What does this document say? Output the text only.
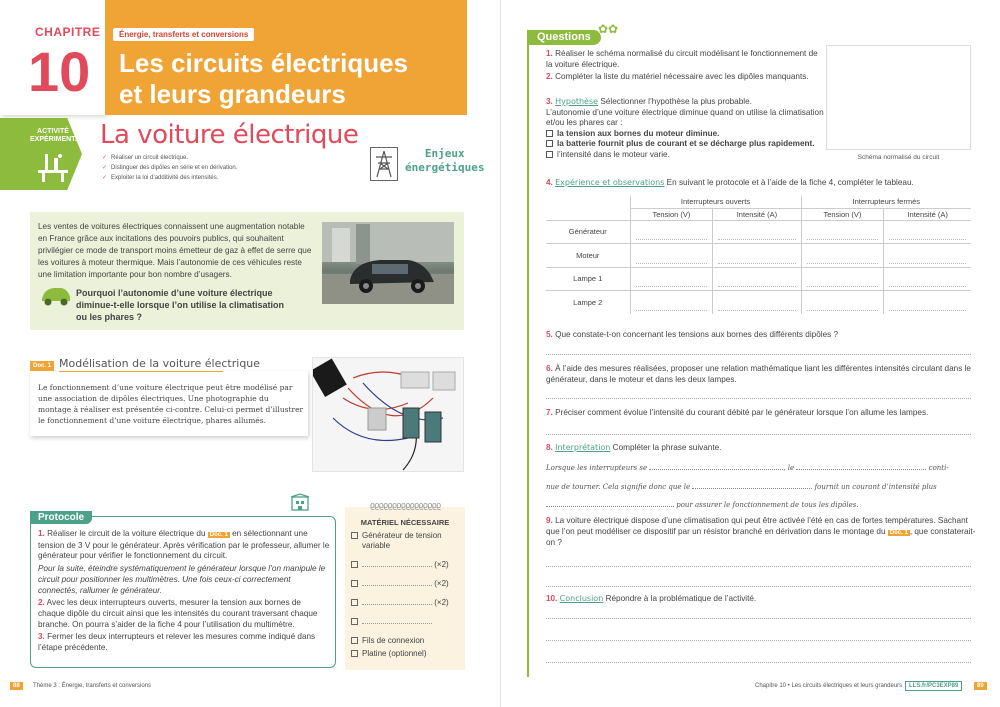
CHAPITRE
10
Énergie, transferts et conversions
Les circuits électriques
et leurs grandeurs
ACTIVITÉ
EXPÉRIMENTALE La voiture électrique
✓ Réaliser un circuit électrique.
✓ Distinguer des dipôles en série et en dérivation.
✓ Exploiter la loi d’additivité des intensités.
Enjeux
énergétiques
Les ventes de voitures électriques connaissent une augmentation notable en France grâce aux incitations des pouvoirs publics, qui souhaitent privilégier ce mode de transport moins émetteur de gaz à effet de serre que les voitures à moteur thermique. Mais l’autonomie de ces véhicules reste une limitation importante pour bon nombre d’usagers.
Pourquoi l’autonomie d’une voiture électrique
diminue-t-elle lorsque l’on utilise la climatisation
ou les phares ?
Doc. 1 Modélisation de la voiture électrique
Le fonctionnement d’une voiture électrique peut être modélisé par une association de dipôles électriques. Une photographie du montage à réaliser est présentée ci-contre. Celui-ci permet d’illustrer le fonctionnement d’une voiture électrique, phares allumés.
Protocole

1. Réaliser le circuit de la voiture électrique du Doc. 1 en sélectionnant une tension de 3 V pour le générateur. Après vérification par le professeur, allumer le générateur pour vérifier le fonctionnement du circuit.

Pour la suite, éteindre systématiquement le générateur lorsque l’on manipule le circuit pour positionner les multimètres. Une fois ceux-ci correctement connectés, rallumer le générateur.

2. Avec les deux interrupteurs ouverts, mesurer la tension aux bornes de chaque dipôle du circuit ainsi que les intensités du courant traversant chaque branche. On pourra s’aider de la fiche 4 pour l’utilisation du multimètre.

3. Fermer les deux interrupteurs et relever les mesures comme indiqué dans l’étape précédente.

ϱϱϱϱϱϱϱϱϱϱϱϱϱϱϱϱ
MATÉRIEL NÉCESSAIRE
Générateur de tension variable
(×2)
(×2)
(×2)
Fils de connexion
Platine (optionnel)
88	Thème 3 : Énergie, transferts et conversions
Questions
✿✿
1. Réaliser le schéma normalisé du circuit modélisant le fonctionnement de la voiture électrique.
2. Compléter la liste du matériel nécessaire avec les dipôles manquants.
3. Hypothèse Sélectionner l’hypothèse la plus probable.
L’autonomie d’une voiture électrique diminue quand on utilise la climatisation et/ou les phares car :
la tension aux bornes du moteur diminue.
la batterie fournit plus de courant et se décharge plus rapidement.
l’intensité dans le moteur varie.	Schéma normalisé du circuit
4. Expérience et observations En suivant le protocole et à l’aide de la fiche 4, compléter le tableau.
	Interrupteurs ouverts		Interrupteurs fermés	
	Tension (V)	Intensité (A)	Tension (V)	Intensité (A)
Générateur	

Moteur	

Lampe 1	

Lampe 2	

5. Que constate-t-on concernant les tensions aux bornes des différents dipôles ?
6. À l’aide des mesures réalisées, proposer une relation mathématique liant les différentes intensités circulant dans le générateur, dans le moteur et dans les deux lampes.
7. Préciser comment évolue l’intensité du courant débité par le générateur lorsque l’on allume les lampes.
8. Interprétation Compléter la phrase suivante.
Lorsque les interrupteurs se	, le	conti-
nue de tourner. Cela signifie donc que le	fournit un courant d’intensité plus
pour assurer le fonctionnement de tous les dipôles.
9. La voiture électrique dispose d’une climatisation qui peut être activée l’été en cas de fortes températures. Sachant que l’on peut modéliser ce dispositif par un résistor branché en dérivation dans le montage du Doc. 1 , que constaterait-on ?
10. Conclusion Répondre à la problématique de l’activité.
Chapitre 10 • Les circuits électriques et leurs grandeurs	LLS.fr/PC3EXP89	89
